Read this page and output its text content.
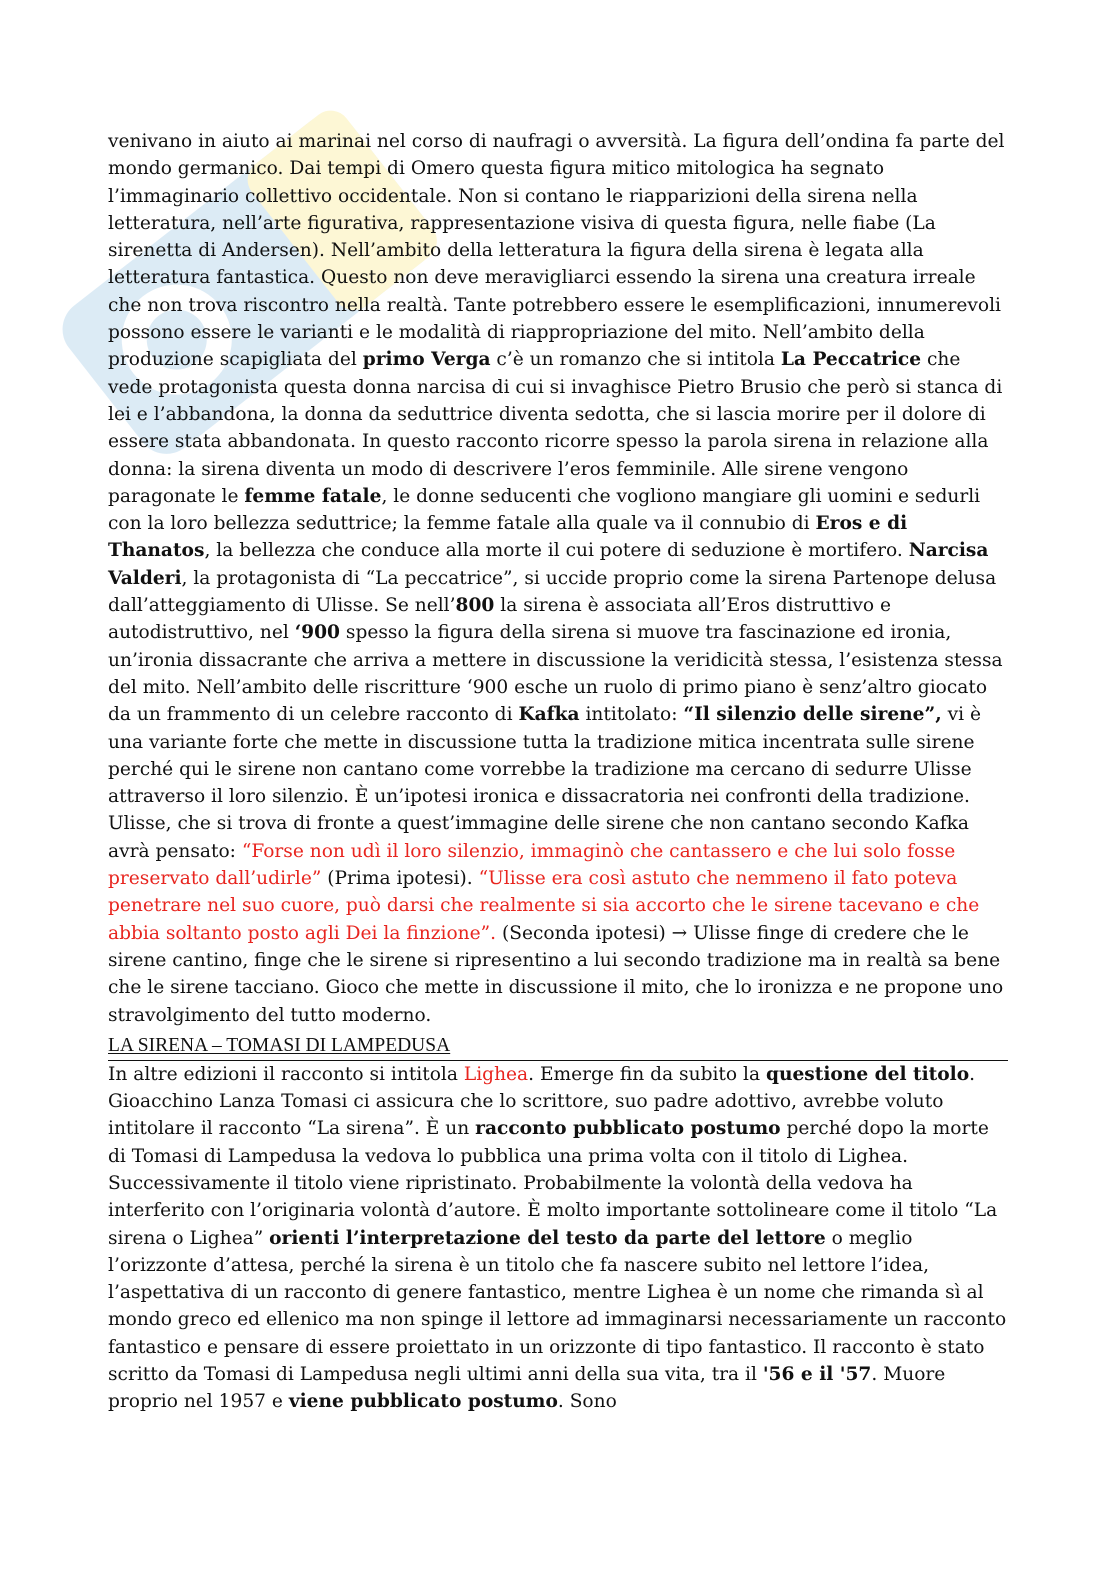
venivano in aiuto ai marinai nel corso di naufragi o avversità. La figura dell’ondina fa parte del mondo germanico. Dai tempi di Omero questa figura mitico mitologica ha segnato l’immaginario collettivo occidentale. Non si contano le riapparizioni della sirena nella letteratura, nell’arte figurativa, rappresentazione visiva di questa figura, nelle fiabe (La sirenetta di Andersen). Nell’ambito della letteratura la figura della sirena è legata alla letteratura fantastica. Questo non deve meravigliarci essendo la sirena una creatura irreale che non trova riscontro nella realtà. Tante potrebbero essere le esemplificazioni, innumerevoli possono essere le varianti e le modalità di riappropriazione del mito. Nell’ambito della produzione scapigliata del primo Verga c’è un romanzo che si intitola La Peccatrice che vede protagonista questa donna narcisa di cui si invaghisce Pietro Brusio che però si stanca di lei e l’abbandona, la donna da seduttrice diventa sedotta, che si lascia morire per il dolore di essere stata abbandonata. In questo racconto ricorre spesso la parola sirena in relazione alla donna: la sirena diventa un modo di descrivere l’eros femminile. Alle sirene vengono paragonate le femme fatale, le donne seducenti che vogliono mangiare gli uomini e sedurli con la loro bellezza seduttrice; la femme fatale alla quale va il connubio di Eros e di Thanatos, la bellezza che conduce alla morte il cui potere di seduzione è mortifero. Narcisa Valderi, la protagonista di “La peccatrice”, si uccide proprio come la sirena Partenope delusa dall’atteggiamento di Ulisse. Se nell’800 la sirena è associata all’Eros distruttivo e autodistruttivo, nel ‘900 spesso la figura della sirena si muove tra fascinazione ed ironia, un’ironia dissacrante che arriva a mettere in discussione la veridicità stessa, l’esistenza stessa del mito. Nell’ambito delle riscritture ‘900 esche un ruolo di primo piano è senz’altro giocato da un frammento di un celebre racconto di Kafka intitolato: “Il silenzio delle sirene”, vi è una variante forte che mette in discussione tutta la tradizione mitica incentrata sulle sirene perché qui le sirene non cantano come vorrebbe la tradizione ma cercano di sedurre Ulisse attraverso il loro silenzio. È un’ipotesi ironica e dissacratoria nei confronti della tradizione. Ulisse, che si trova di fronte a quest’immagine delle sirene che non cantano secondo Kafka avrà pensato: “Forse non udì il loro silenzio, immaginò che cantassero e che lui solo fosse preservato dall’udirle” (Prima ipotesi). “Ulisse era così astuto che nemmeno il fato poteva penetrare nel suo cuore, può darsi che realmente si sia accorto che le sirene tacevano e che abbia soltanto posto agli Dei la finzione”. (Seconda ipotesi) → Ulisse finge di credere che le sirene cantino, finge che le sirene si ripresentino a lui secondo tradizione ma in realtà sa bene che le sirene tacciano. Gioco che mette in discussione il mito, che lo ironizza e ne propone uno stravolgimento del tutto moderno.

LA SIRENA – TOMASI DI LAMPEDUSA

In altre edizioni il racconto si intitola Lighea. Emerge fin da subito la questione del titolo. Gioacchino Lanza Tomasi ci assicura che lo scrittore, suo padre adottivo, avrebbe voluto intitolare il racconto “La sirena”. È un racconto pubblicato postumo perché dopo la morte di Tomasi di Lampedusa la vedova lo pubblica una prima volta con il titolo di Lighea. Successivamente il titolo viene ripristinato. Probabilmente la volontà della vedova ha interferito con l’originaria volontà d’autore. È molto importante sottolineare come il titolo “La sirena o Lighea” orienti l’interpretazione del testo da parte del lettore o meglio l’orizzonte d’attesa, perché la sirena è un titolo che fa nascere subito nel lettore l’idea, l’aspettativa di un racconto di genere fantastico, mentre Lighea è un nome che rimanda sì al mondo greco ed ellenico ma non spinge il lettore ad immaginarsi necessariamente un racconto fantastico e pensare di essere proiettato in un orizzonte di tipo fantastico. Il racconto è stato scritto da Tomasi di Lampedusa negli ultimi anni della sua vita, tra il '56 e il '57. Muore proprio nel 1957 e viene pubblicato postumo. Sono
